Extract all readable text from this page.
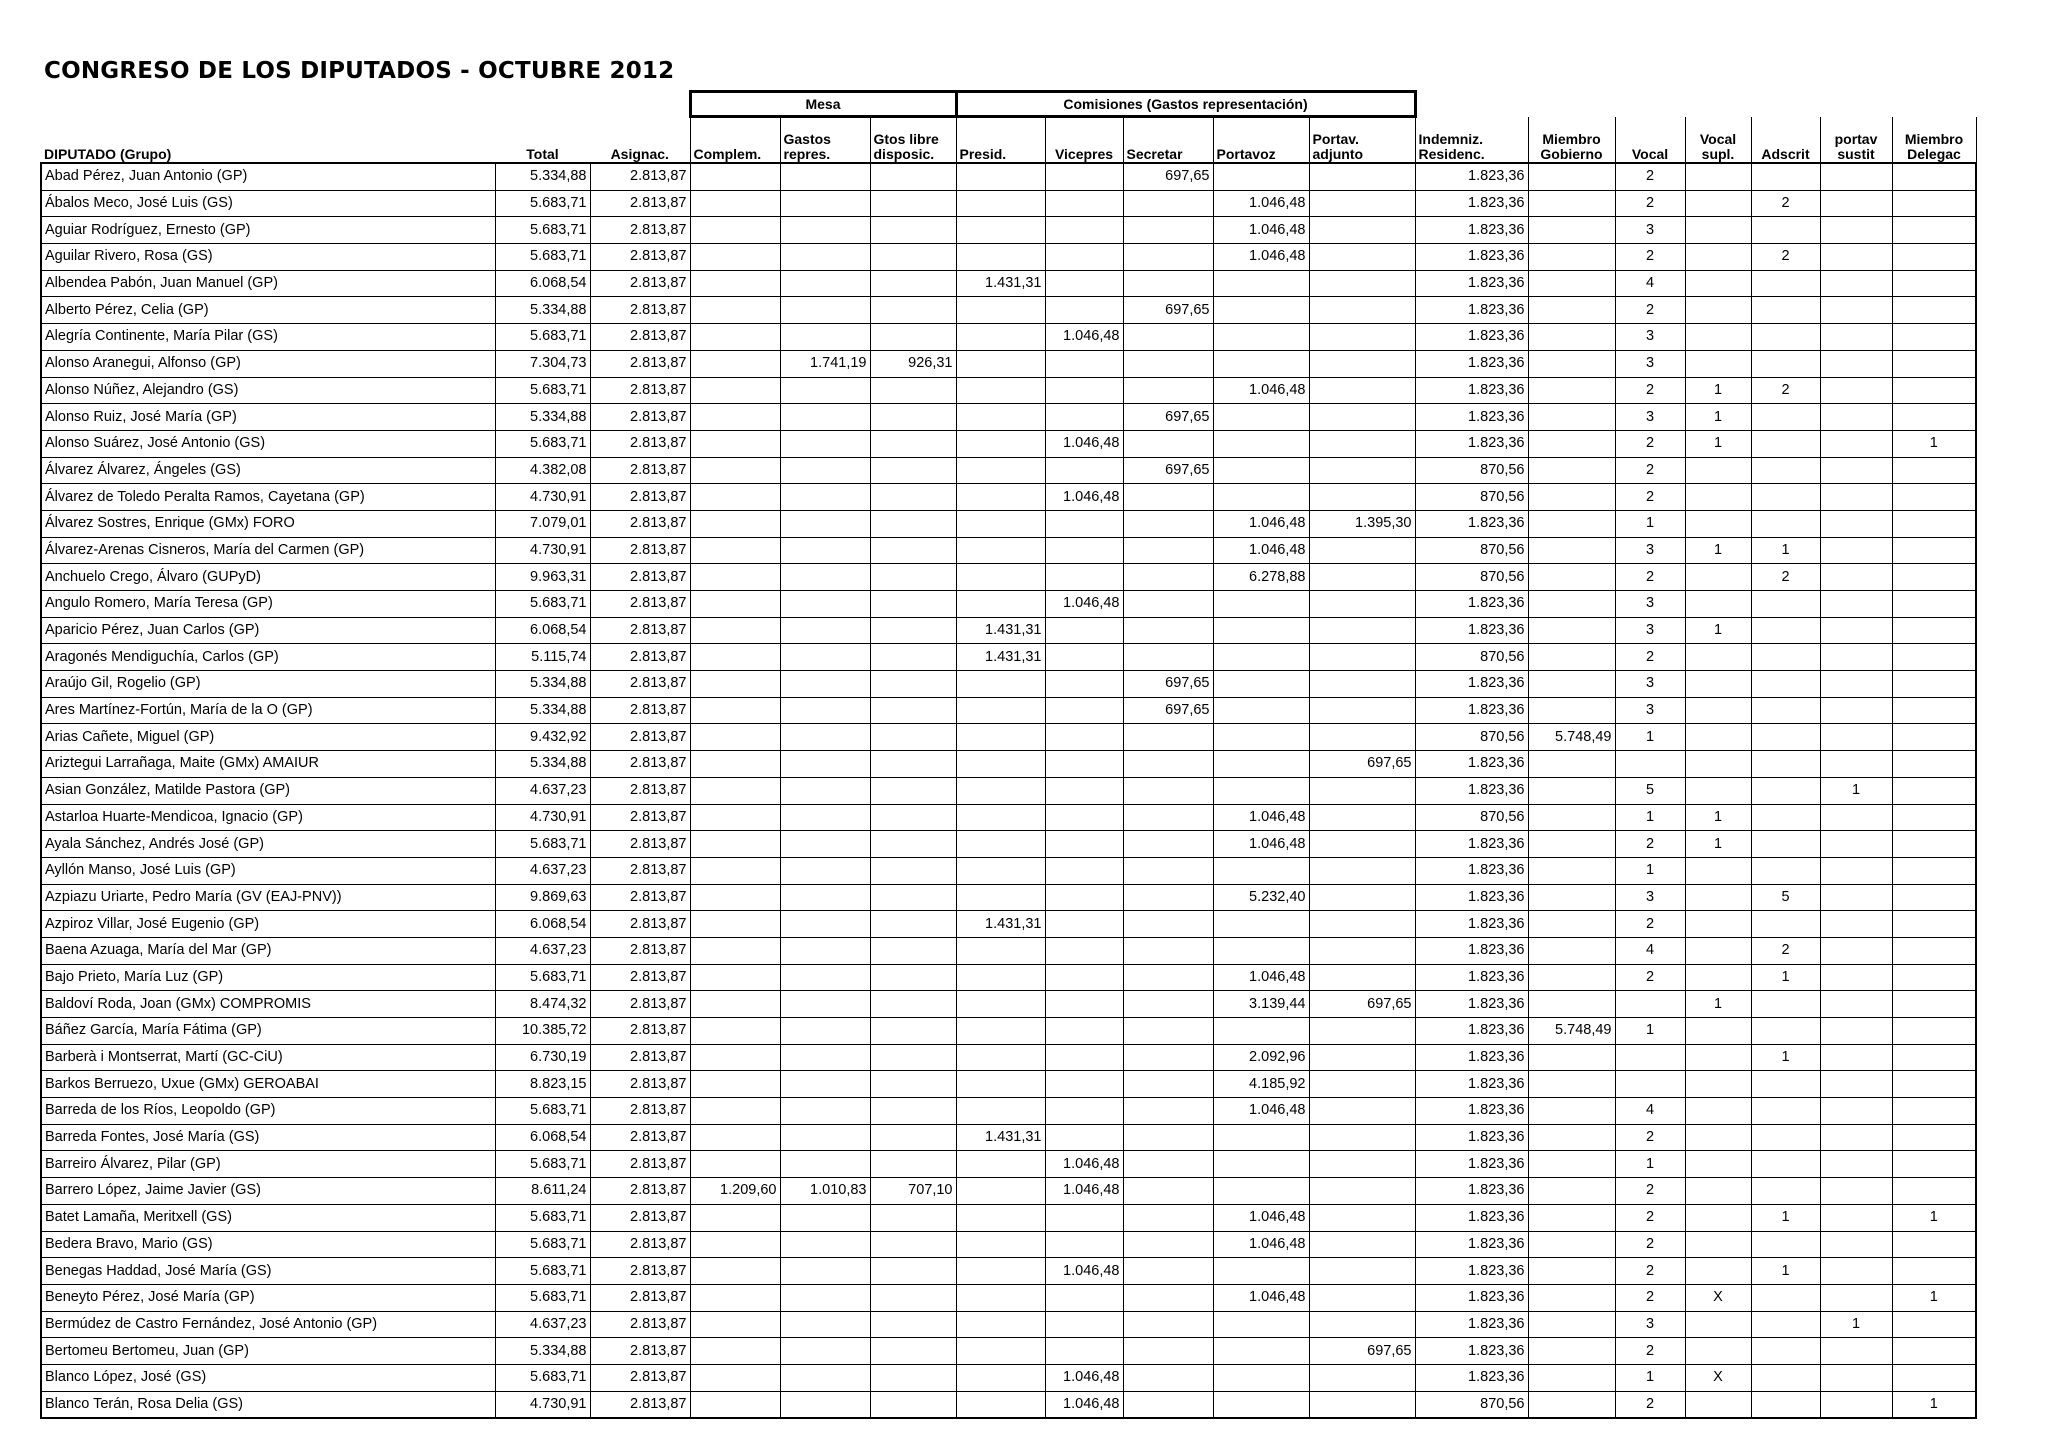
CONGRESO DE LOS DIPUTADOS - OCTUBRE 2012
			Mesa			Comisiones (Gastos representación)											
DIPUTADO (Grupo)	Total	Asignac.	Complem.	Gastos repres.	Gtos libre disposic.	Presid.	Vicepres	Secretar	Portavoz	Portav. adjunto	Indemniz. Residenc.	Miembro Gobierno	Vocal	Vocal supl.	Adscrit	portav sustit	Miembro Delegac
Abad Pérez, Juan Antonio (GP)	5.334,88	2.813,87						697,65			1.823,36		2				
Ábalos Meco, José Luis (GS)	5.683,71	2.813,87							1.046,48		1.823,36		2		2		
Aguiar Rodríguez, Ernesto (GP)	5.683,71	2.813,87							1.046,48		1.823,36		3				
Aguilar Rivero, Rosa (GS)	5.683,71	2.813,87							1.046,48		1.823,36		2		2		
Albendea Pabón, Juan Manuel (GP)	6.068,54	2.813,87				1.431,31					1.823,36		4				
Alberto Pérez, Celia (GP)	5.334,88	2.813,87						697,65			1.823,36		2				
Alegría Continente, María Pilar (GS)	5.683,71	2.813,87					1.046,48				1.823,36		3				
Alonso Aranegui, Alfonso (GP)	7.304,73	2.813,87		1.741,19	926,31						1.823,36		3				
Alonso Núñez, Alejandro (GS)	5.683,71	2.813,87							1.046,48		1.823,36		2	1	2		
Alonso Ruiz, José María (GP)	5.334,88	2.813,87						697,65			1.823,36		3	1			
Alonso Suárez, José Antonio (GS)	5.683,71	2.813,87					1.046,48				1.823,36		2	1			1
Álvarez Álvarez, Ángeles (GS)	4.382,08	2.813,87						697,65			870,56		2				
Álvarez de Toledo Peralta Ramos, Cayetana (GP)	4.730,91	2.813,87					1.046,48				870,56		2				
Álvarez Sostres, Enrique (GMx) FORO	7.079,01	2.813,87							1.046,48	1.395,30	1.823,36		1				
Álvarez-Arenas Cisneros, María del Carmen (GP)	4.730,91	2.813,87							1.046,48		870,56		3	1	1		
Anchuelo Crego, Álvaro (GUPyD)	9.963,31	2.813,87							6.278,88		870,56		2		2		
Angulo Romero, María Teresa (GP)	5.683,71	2.813,87					1.046,48				1.823,36		3				
Aparicio Pérez, Juan Carlos (GP)	6.068,54	2.813,87				1.431,31					1.823,36		3	1			
Aragonés Mendiguchía, Carlos (GP)	5.115,74	2.813,87				1.431,31					870,56		2				
Araújo Gil, Rogelio (GP)	5.334,88	2.813,87						697,65			1.823,36		3				
Ares Martínez-Fortún, María de la O (GP)	5.334,88	2.813,87						697,65			1.823,36		3				
Arias Cañete, Miguel (GP)	9.432,92	2.813,87									870,56	5.748,49	1				
Ariztegui Larrañaga, Maite (GMx) AMAIUR	5.334,88	2.813,87								697,65	1.823,36						
Asian González, Matilde Pastora (GP)	4.637,23	2.813,87									1.823,36		5			1	
Astarloa Huarte-Mendicoa, Ignacio (GP)	4.730,91	2.813,87							1.046,48		870,56		1	1			
Ayala Sánchez, Andrés José (GP)	5.683,71	2.813,87							1.046,48		1.823,36		2	1			
Ayllón Manso, José Luis (GP)	4.637,23	2.813,87									1.823,36		1				
Azpiazu Uriarte, Pedro María (GV (EAJ-PNV))	9.869,63	2.813,87							5.232,40		1.823,36		3		5		
Azpiroz Villar, José Eugenio (GP)	6.068,54	2.813,87				1.431,31					1.823,36		2				
Baena Azuaga, María del Mar (GP)	4.637,23	2.813,87									1.823,36		4		2		
Bajo Prieto, María Luz (GP)	5.683,71	2.813,87							1.046,48		1.823,36		2		1		
Baldoví Roda, Joan (GMx) COMPROMIS	8.474,32	2.813,87							3.139,44	697,65	1.823,36			1			
Báñez García, María Fátima (GP)	10.385,72	2.813,87									1.823,36	5.748,49	1				
Barberà i Montserrat, Martí (GC-CiU)	6.730,19	2.813,87							2.092,96		1.823,36				1		
Barkos Berruezo, Uxue (GMx) GEROABAI	8.823,15	2.813,87							4.185,92		1.823,36						
Barreda de los Ríos, Leopoldo (GP)	5.683,71	2.813,87							1.046,48		1.823,36		4				
Barreda Fontes, José María (GS)	6.068,54	2.813,87				1.431,31					1.823,36		2				
Barreiro Álvarez, Pilar (GP)	5.683,71	2.813,87					1.046,48				1.823,36		1				
Barrero López, Jaime Javier (GS)	8.611,24	2.813,87	1.209,60	1.010,83	707,10		1.046,48				1.823,36		2				
Batet Lamaña, Meritxell (GS)	5.683,71	2.813,87							1.046,48		1.823,36		2		1		1
Bedera Bravo, Mario (GS)	5.683,71	2.813,87							1.046,48		1.823,36		2				
Benegas Haddad, José María (GS)	5.683,71	2.813,87					1.046,48				1.823,36		2		1		
Beneyto Pérez, José María (GP)	5.683,71	2.813,87							1.046,48		1.823,36		2	X			1
Bermúdez de Castro Fernández, José Antonio (GP)	4.637,23	2.813,87									1.823,36		3			1	
Bertomeu Bertomeu, Juan (GP)	5.334,88	2.813,87								697,65	1.823,36		2				
Blanco López, José (GS)	5.683,71	2.813,87					1.046,48				1.823,36		1	X			
Blanco Terán, Rosa Delia (GS)	4.730,91	2.813,87					1.046,48				870,56		2				1
